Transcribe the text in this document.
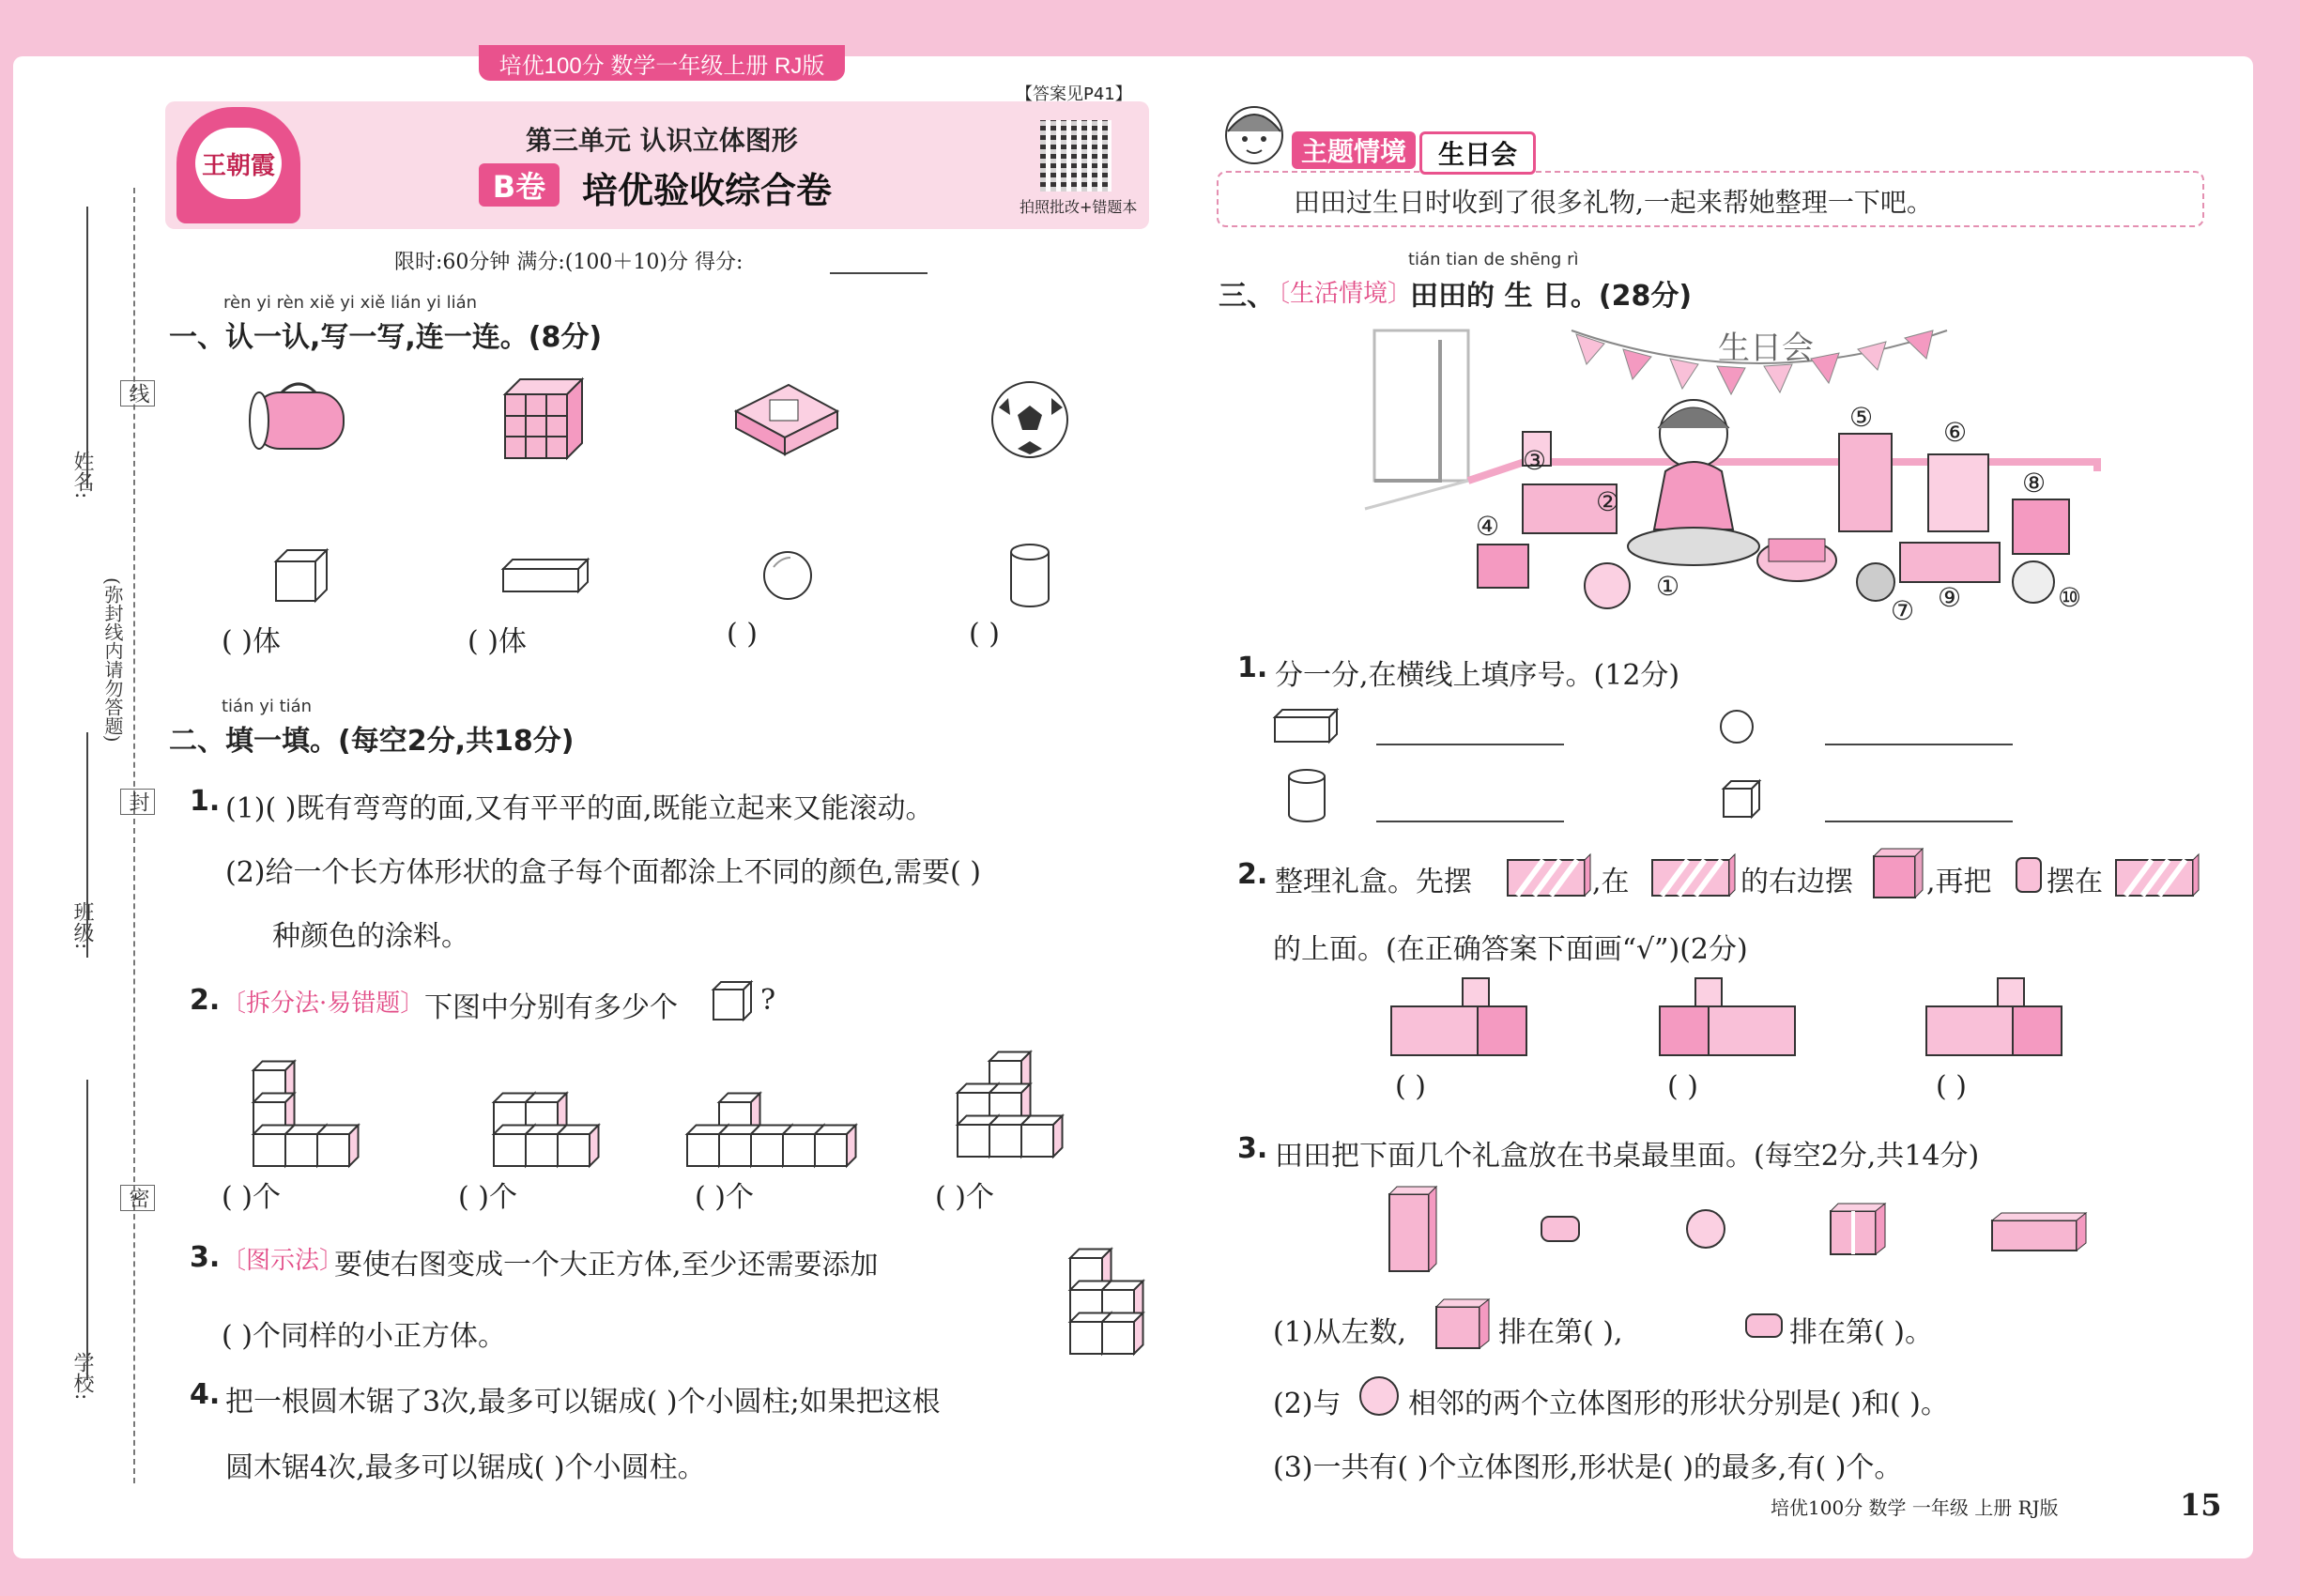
培优100分 数学一年级上册 RJ版
姓名:
线
(弥封线内请勿答题)
封
班级:
密
学校:
王朝霞
第三单元 认识立体图形
B卷	培优验收综合卷
【答案见P41】
拍照批改+错题本
限时:60分钟 满分:(100＋10)分 得分:
rèn yi rèn xiě yi xiě lián yi lián
一、认一认,写一写,连一连。(8分)
( )体	( )体	( )	( )
tián yi tián
二、填一填。(每空2分,共18分)
1. (1)( )既有弯弯的面,又有平平的面,既能立起来又能滚动。
(2)给一个长方体形状的盒子每个面都涂上不同的颜色,需要( )
种颜色的涂料。
2. 〔拆分法·易错题〕 下图中分别有多少个	?
( )个	( )个	( )个	( )个
3. 〔图示法〕
要使右图变成一个大正方体,至少还需要添加
( )个同样的小正方体。
4. 把一根圆木锯了3次,最多可以锯成( )个小圆柱;如果把这根
圆木锯4次,最多可以锯成( )个小圆柱。
主题情境	生日会
田田过生日时收到了很多礼物,一起来帮她整理一下吧。
tián tian de shēng rì
三、
〔生活情境〕
田田的 生 日。(28分)
生日会
①
②
③
④
⑤	⑥
⑦
⑧
⑨	⑩
1. 分一分,在横线上填序号。(12分)
2. 整理礼盒。先摆	,在	的右边摆	,再把 摆在
的上面。(在正确答案下面画“√”)(2分)
( )	( )	( )
3. 田田把下面几个礼盒放在书桌最里面。(每空2分,共14分)
(1)从左数,	排在第( ),	排在第( )。
(2)与 相邻的两个立体图形的形状分别是( )和( )。
(3)一共有( )个立体图形,形状是( )的最多,有( )个。
培优100分 数学 一年级 上册 RJ版	15
